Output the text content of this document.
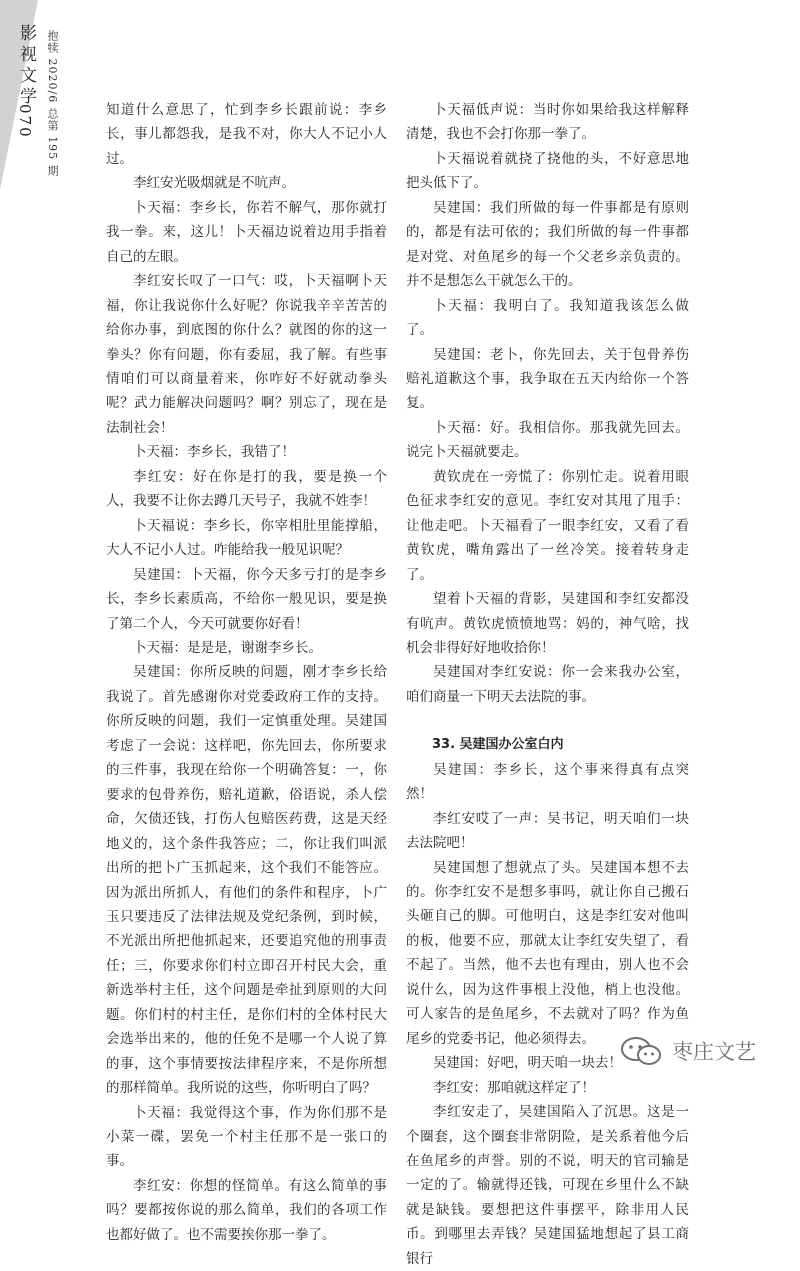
影视文学
070 抱犊 2020/6 总第 195 期	知道什么意思了，忙到李乡长跟前说：李乡长，事儿都怨我，是我不对，你大人不记小人过。

李红安光吸烟就是不吭声。

卜天福：李乡长，你若不解气，那你就打我一拳。来，这儿！卜天福边说着边用手指着自己的左眼。

李红安长叹了一口气：哎，卜天福啊卜天福，你让我说你什么好呢？你说我辛辛苦苦的给你办事，到底图的你什么？就图的你的这一拳头？你有问题，你有委屈，我了解。有些事情咱们可以商量着来，你咋好不好就动拳头呢？武力能解决问题吗？啊？别忘了，现在是法制社会！

卜天福：李乡长，我错了！

李红安：好在你是打的我，要是换一个人，我要不让你去蹲几天号子，我就不姓李！

卜天福说：李乡长，你宰相肚里能撑船，大人不记小人过。咋能给我一般见识呢？

吴建国：卜天福，你今天多亏打的是李乡长，李乡长素质高，不给你一般见识，要是换了第二个人，今天可就要你好看！

卜天福：是是是，谢谢李乡长。

吴建国：你所反映的问题，刚才李乡长给我说了。首先感谢你对党委政府工作的支持。你所反映的问题，我们一定慎重处理。吴建国考虑了一会说：这样吧，你先回去，你所要求的三件事，我现在给你一个明确答复：一，你要求的包骨养伤，赔礼道歉，俗语说，杀人偿命，欠债还钱，打伤人包赔医药费，这是天经地义的，这个条件我答应；二，你让我们叫派出所的把卜广玉抓起来，这个我们不能答应。因为派出所抓人，有他们的条件和程序，卜广玉只要违反了法律法规及党纪条例，到时候，不光派出所把他抓起来，还要追究他的刑事责任；三，你要求你们村立即召开村民大会，重新选举村主任，这个问题是牵扯到原则的大问题。你们村的村主任，是你们村的全体村民大会选举出来的，他的任免不是哪一个人说了算的事，这个事情要按法律程序来，不是你所想的那样简单。我所说的这些，你听明白了吗？

卜天福：我觉得这个事，作为你们那不是小菜一碟，罢免一个村主任那不是一张口的事。

李红安：你想的怪简单。有这么简单的事吗？要都按你说的那么简单，我们的各项工作也都好做了。也不需要挨你那一拳了。

卜天福低声说：当时你如果给我这样解释清楚，我也不会打你那一拳了。

卜天福说着就挠了挠他的头，不好意思地把头低下了。

吴建国：我们所做的每一件事都是有原则的，都是有法可依的；我们所做的每一件事都是对党、对鱼尾乡的每一个父老乡亲负责的。并不是想怎么干就怎么干的。

卜天福：我明白了。我知道我该怎么做了。

吴建国：老卜，你先回去，关于包骨养伤赔礼道歉这个事，我争取在五天内给你一个答复。

卜天福：好。我相信你。那我就先回去。说完卜天福就要走。

黄钦虎在一旁慌了：你别忙走。说着用眼色征求李红安的意见。李红安对其甩了甩手：让他走吧。卜天福看了一眼李红安，又看了看黄钦虎，嘴角露出了一丝冷笑。接着转身走了。

望着卜天福的背影，吴建国和李红安都没有吭声。黄钦虎愤愤地骂：妈的，神气啥，找机会非得好好地收拾你！

吴建国对李红安说：你一会来我办公室，咱们商量一下明天去法院的事。

33. 吴建国办公室白内

吴建国：李乡长，这个事来得真有点突然！

李红安哎了一声：吴书记，明天咱们一块去法院吧！

吴建国想了想就点了头。吴建国本想不去的。你李红安不是想多事吗，就让你自己搬石头砸自己的脚。可他明白，这是李红安对他叫的板，他要不应，那就太让李红安失望了，看不起了。当然，他不去也有理由，别人也不会说什么，因为这件事根上没他，梢上也没他。可人家告的是鱼尾乡，不去就对了吗？作为鱼尾乡的党委书记，他必须得去。

吴建国：好吧，明天咱一块去！

李红安：那咱就这样定了！

李红安走了，吴建国陷入了沉思。这是一个圈套，这个圈套非常阴险，是关系着他今后在鱼尾乡的声誉。别的不说，明天的官司输是一定的了。输就得还钱，可现在乡里什么不缺就是缺钱。要想把这件事摆平，除非用人民币。到哪里去弄钱？吴建国猛地想起了县工商银行

枣庄文艺
